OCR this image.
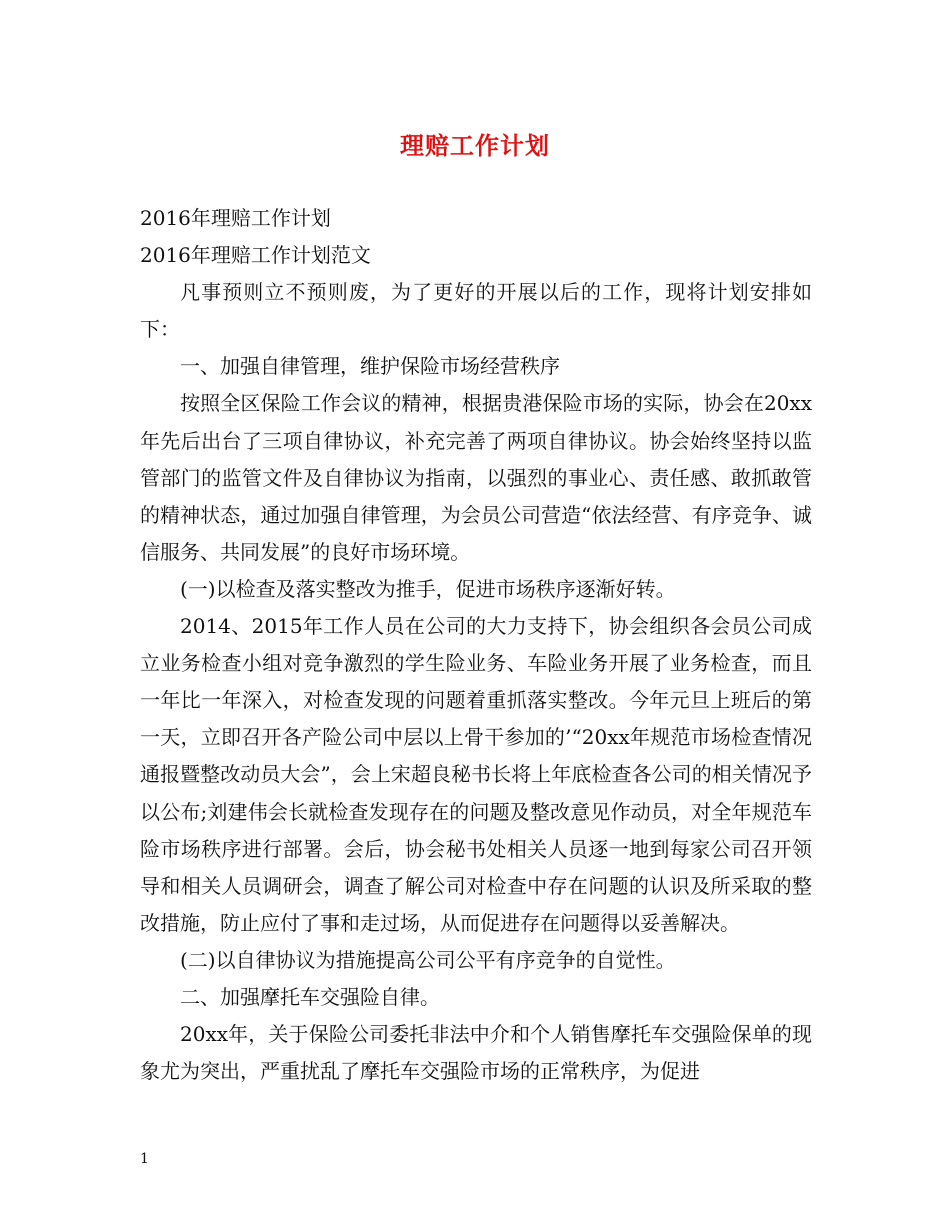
理赔工作计划

2016年理赔工作计划

2016年理赔工作计划范文

凡事预则立不预则废，为了更好的开展以后的工作，现将计划安排如下：

一、加强自律管理，维护保险市场经营秩序

按照全区保险工作会议的精神，根据贵港保险市场的实际，协会在20xx年先后出台了三项自律协议，补充完善了两项自律协议。协会始终坚持以监管部门的监管文件及自律协议为指南，以强烈的事业心、责任感、敢抓敢管的精神状态，通过加强自律管理，为会员公司营造“依法经营、有序竞争、诚信服务、共同发展”的良好市场环境。

(一)以检查及落实整改为推手，促进市场秩序逐渐好转。

2014、2015年工作人员在公司的大力支持下，协会组织各会员公司成立业务检查小组对竞争激烈的学生险业务、车险业务开展了业务检查，而且一年比一年深入，对检查发现的问题着重抓落实整改。今年元旦上班后的第一天，立即召开各产险公司中层以上骨干参加的’“20xx年规范市场检查情况通报暨整改动员大会”，会上宋超良秘书长将上年底检查各公司的相关情况予以公布;刘建伟会长就检查发现存在的问题及整改意见作动员，对全年规范车险市场秩序进行部署。会后，协会秘书处相关人员逐一地到每家公司召开领导和相关人员调研会，调查了解公司对检查中存在问题的认识及所采取的整改措施，防止应付了事和走过场，从而促进存在问题得以妥善解决。

(二)以自律协议为措施提高公司公平有序竞争的自觉性。

二、加强摩托车交强险自律。

20xx年，关于保险公司委托非法中介和个人销售摩托车交强险保单的现象尤为突出，严重扰乱了摩托车交强险市场的正常秩序，为促进

1
